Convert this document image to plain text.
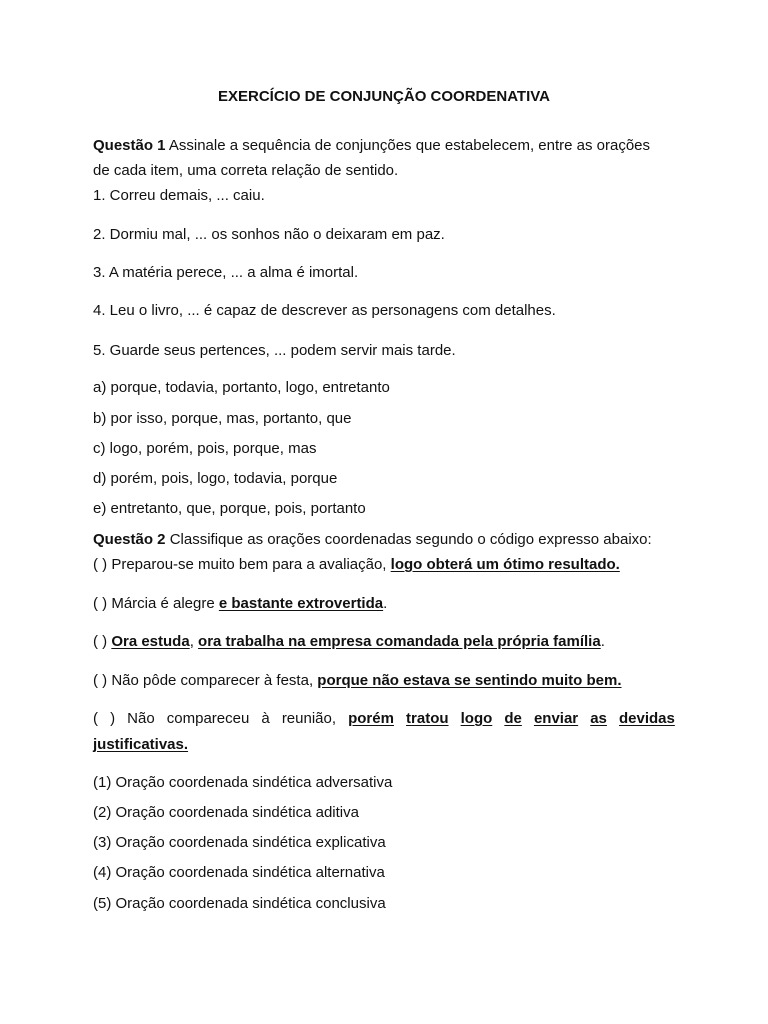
EXERCÍCIO DE CONJUNÇÃO COORDENATIVA
Questão 1 Assinale a sequência de conjunções que estabelecem, entre as orações
de cada item, uma correta relação de sentido.
1. Correu demais, ... caiu.
2. Dormiu mal, ... os sonhos não o deixaram em paz.
3. A matéria perece, ... a alma é imortal.
4. Leu o livro, ... é capaz de descrever as personagens com detalhes.
5. Guarde seus pertences, ... podem servir mais tarde.
a) porque, todavia, portanto, logo, entretanto
b) por isso, porque, mas, portanto, que
c) logo, porém, pois, porque, mas
d) porém, pois, logo, todavia, porque
e) entretanto, que, porque, pois, portanto
Questão 2 Classifique as orações coordenadas segundo o código expresso abaixo:
( ) Preparou-se muito bem para a avaliação, logo obterá um ótimo resultado.
( ) Márcia é alegre e bastante extrovertida.
( ) Ora estuda, ora trabalha na empresa comandada pela própria família.
( ) Não pôde comparecer à festa, porque não estava se sentindo muito bem.
( ) Não compareceu à reunião, porém tratou logo de enviar as devidas
justificativas.
(1) Oração coordenada sindética adversativa
(2) Oração coordenada sindética aditiva
(3) Oração coordenada sindética explicativa
(4) Oração coordenada sindética alternativa
(5) Oração coordenada sindética conclusiva
